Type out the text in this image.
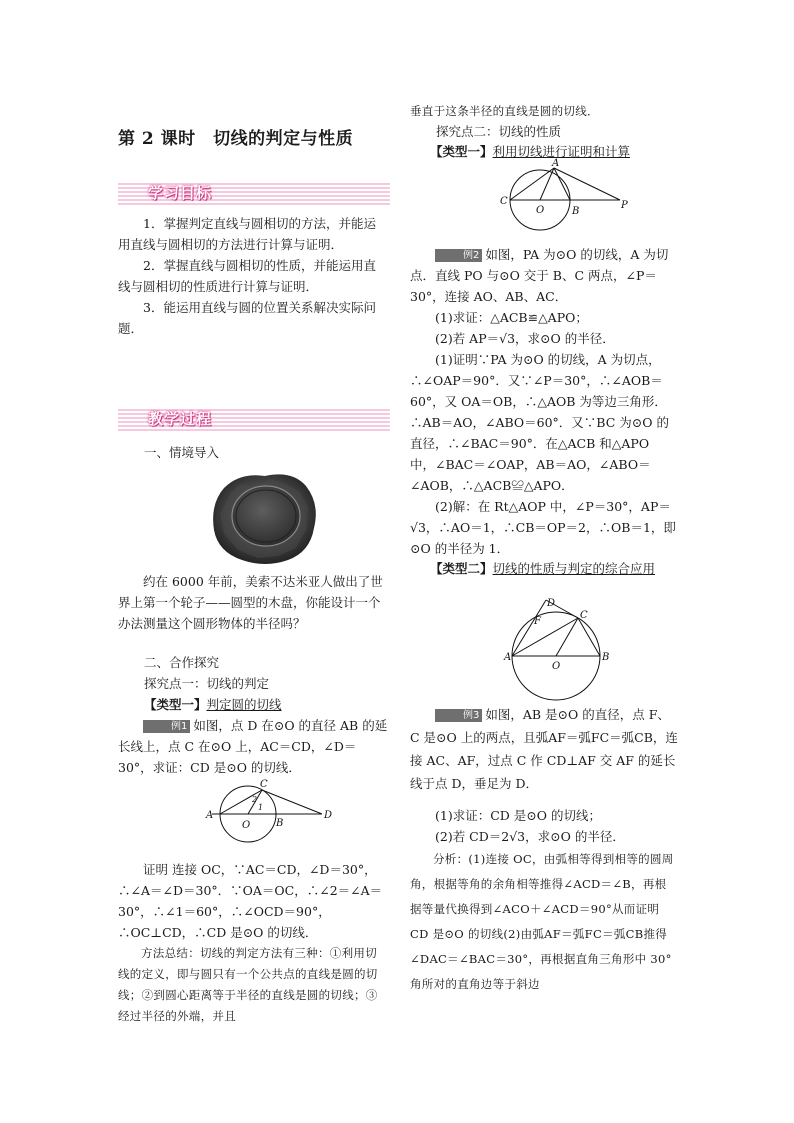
第 2 课时　切线的判定与性质

学习目标

1．掌握判定直线与圆相切的方法，并能运用直线与圆相切的方法进行计算与证明．

2．掌握直线与圆相切的性质，并能运用直线与圆相切的性质进行计算与证明．

3．能运用直线与圆的位置关系解决实际问题．

教学过程

一、情境导入

约在 6000 年前，美索不达米亚人做出了世界上第一个轮子——圆型的木盘，你能设计一个办法测量这个圆形物体的半径吗？

二、合作探究

探究点一：切线的判定

【类型一】判定圆的切线

例1 如图，点 D 在⊙O 的直径 AB 的延长线上，点 C 在⊙O 上，AC＝CD，∠D＝30°，求证：CD 是⊙O 的切线．

A
C
O	B
D
2
1

证明 连接 OC，∵AC＝CD，∠D＝30°，∴∠A＝∠D＝30°．∵OA＝OC，∴∠2＝∠A＝30°，∴∠1＝60°，∴∠OCD＝90°，∴OC⊥CD，∴CD 是⊙O 的切线．

方法总结：切线的判定方法有三种：①利用切线的定义，即与圆只有一个公共点的直线是圆的切线；②到圆心距离等于半径的直线是圆的切线；③经过半径的外端，并且

垂直于这条半径的直线是圆的切线．

探究点二：切线的性质

【类型一】利用切线进行证明和计算

A
C
O	B
P

例2 如图，PA 为⊙O 的切线，A 为切点．直线 PO 与⊙O 交于 B、C 两点，∠P＝30°，连接 AO、AB、AC．

(1)求证：△ACB≌△APO；

(2)若 AP＝√3，求⊙O 的半径．

(1)证明∵PA 为⊙O 的切线，A 为切点，∴∠OAP＝90°．又∵∠P＝30°，∴∠AOB＝60°，又 OA＝OB，∴△AOB 为等边三角形．∴AB＝AO，∠ABO＝60°．又∵BC 为⊙O 的直径，∴∠BAC＝90°．在△ACB 和△APO 中，∠BAC＝∠OAP，AB＝AO，∠ABO＝∠AOB，∴△ACB≌△APO．

(2)解：在 Rt△AOP 中，∠P＝30°，AP＝√3，∴AO＝1，∴CB＝OP＝2，∴OB＝1，即⊙O 的半径为 1．

【类型二】切线的性质与判定的综合应用

D
F
C
A	B
O

例3 如图，AB 是⊙O 的直径，点 F、C 是⊙O 上的两点，且弧AF＝弧FC＝弧CB，连接 AC、AF，过点 C 作 CD⊥AF 交 AF 的延长线于点 D，垂足为 D．

(1)求证：CD 是⊙O 的切线；

(2)若 CD＝2√3，求⊙O 的半径．

分析：(1)连接 OC，由弧相等得到相等的圆周角，根据等角的余角相等推得∠ACD＝∠B，再根据等量代换得到∠ACO＋∠ACD＝90°从而证明 CD 是⊙O 的切线(2)由弧AF＝弧FC＝弧CB推得∠DAC＝∠BAC＝30°，再根据直角三角形中 30°角所对的直角边等于斜边
